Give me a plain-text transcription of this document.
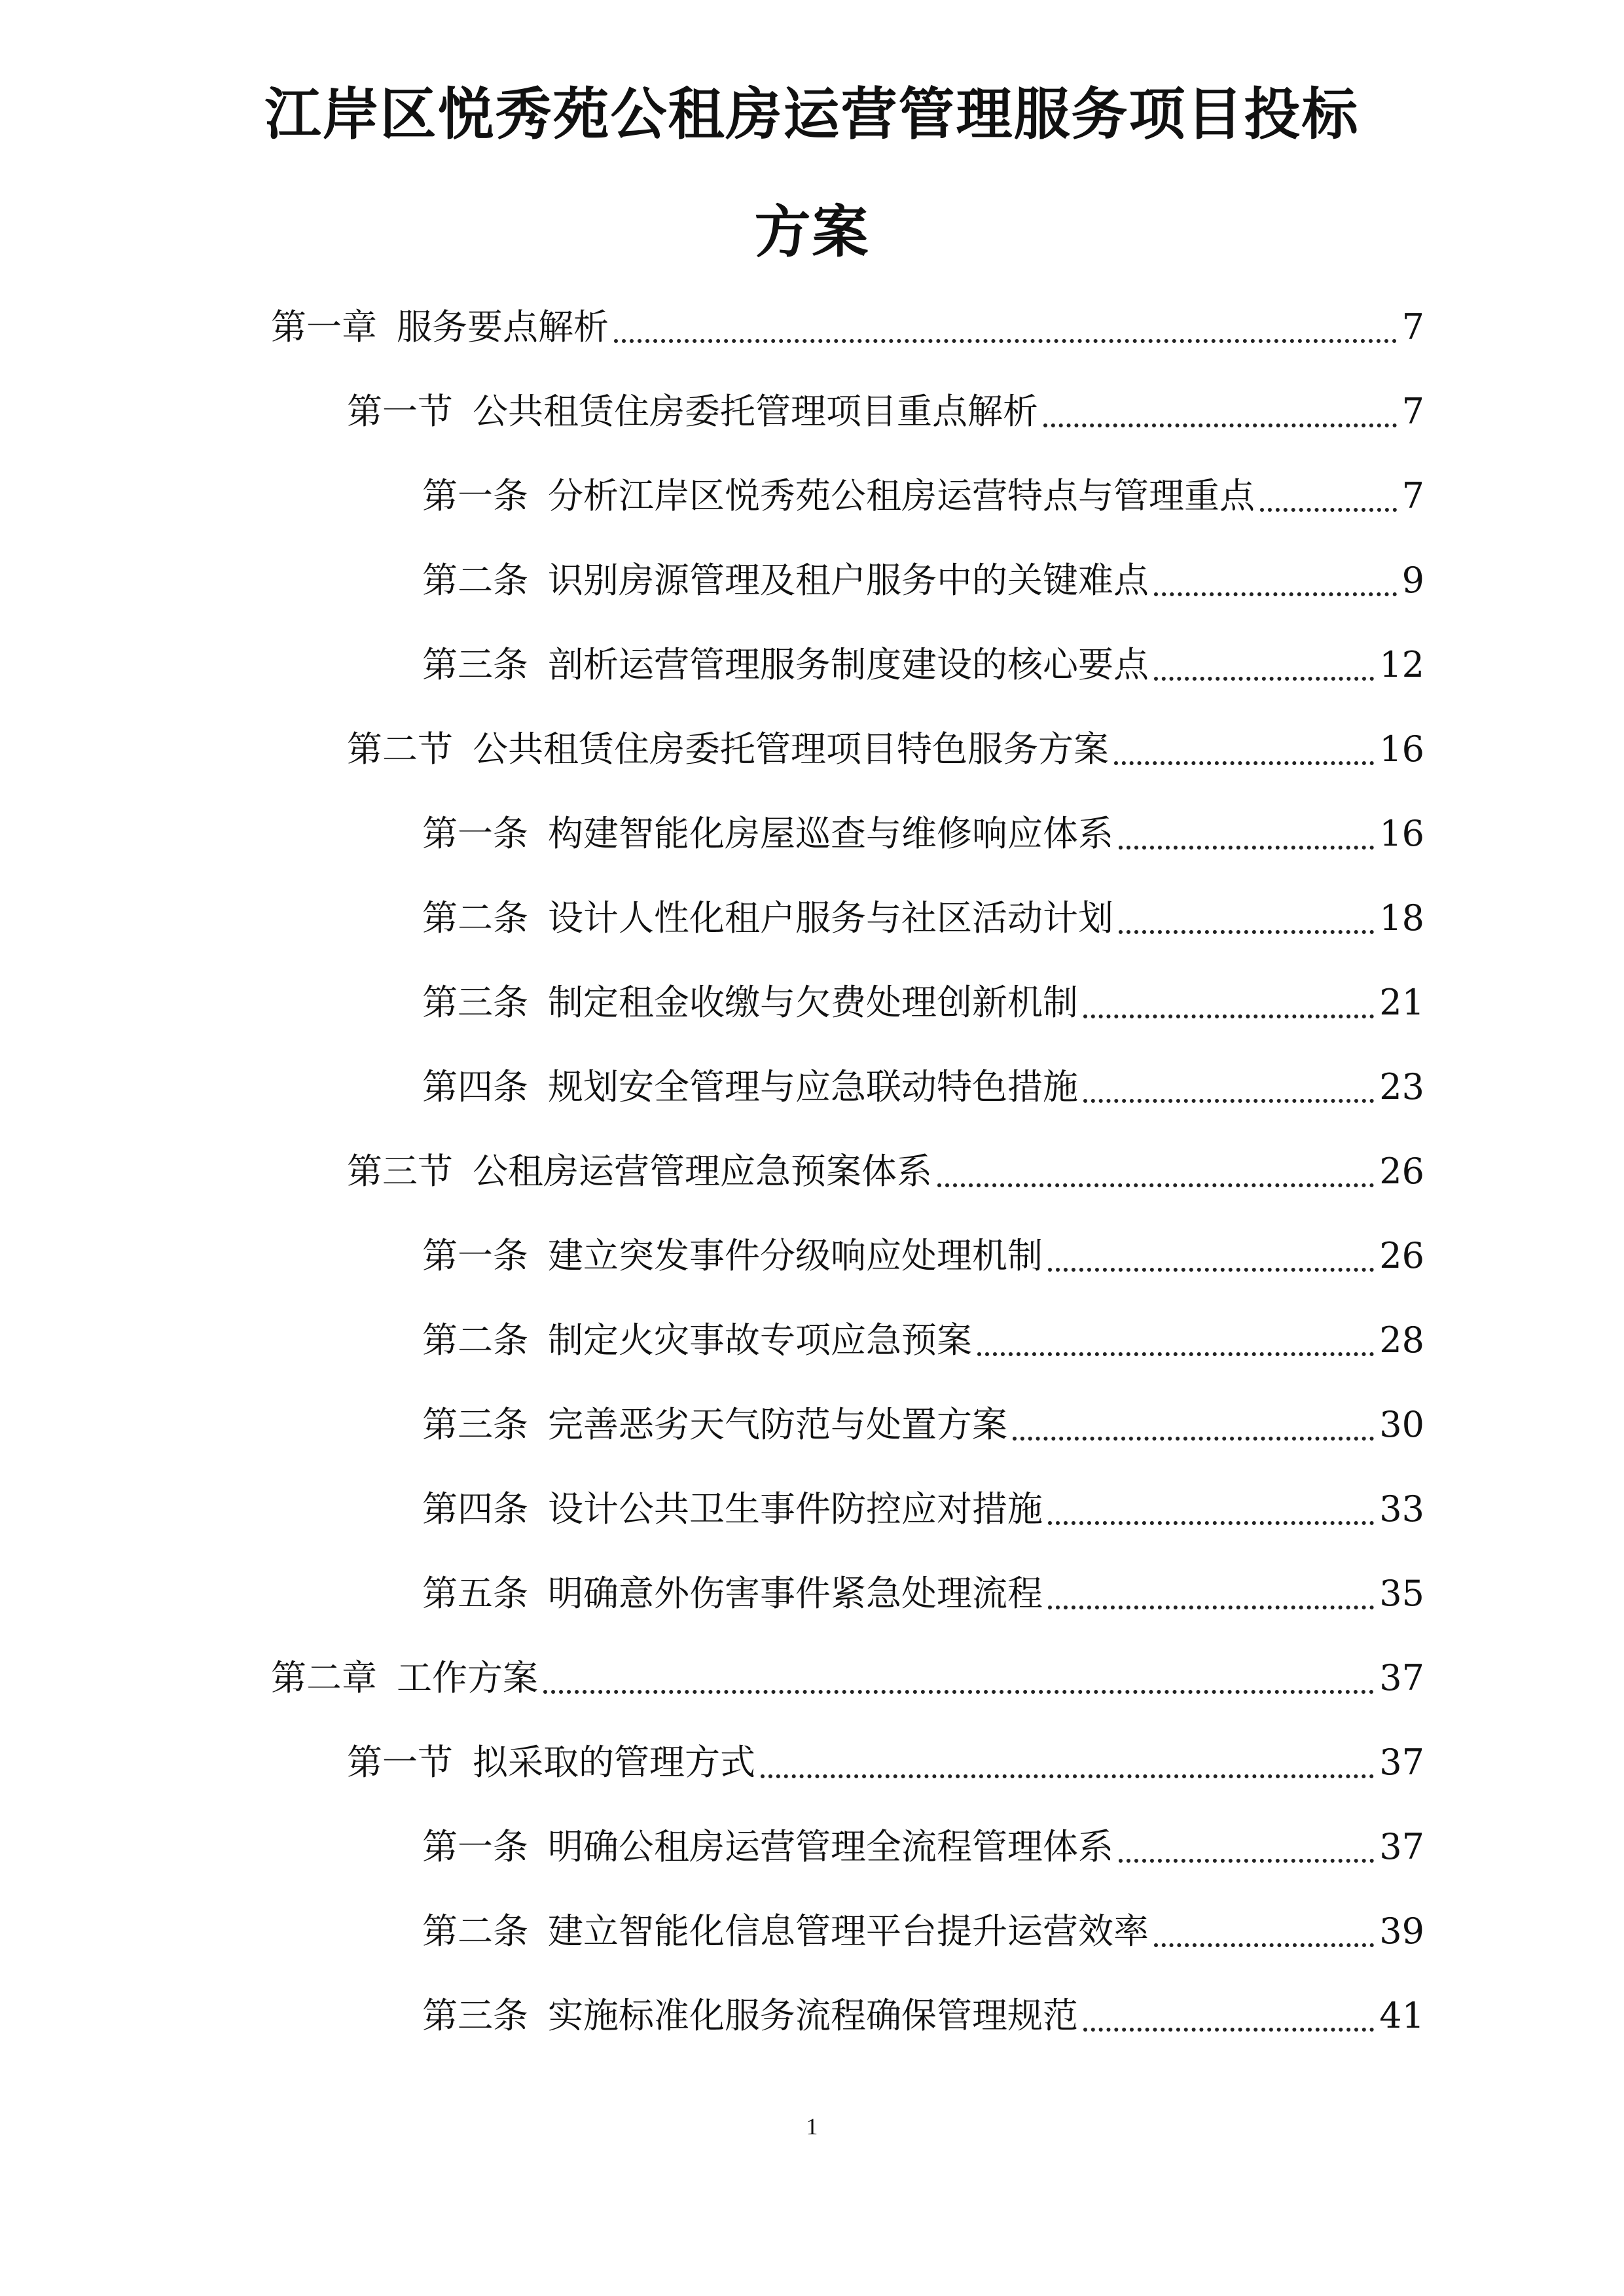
江岸区悦秀苑公租房运营管理服务项目投标
方案
第一章 服务要点解析	7
第一节 公共租赁住房委托管理项目重点解析	7
第一条 分析江岸区悦秀苑公租房运营特点与管理重点	7
第二条 识别房源管理及租户服务中的关键难点	9
第三条 剖析运营管理服务制度建设的核心要点	12
第二节 公共租赁住房委托管理项目特色服务方案	16
第一条 构建智能化房屋巡查与维修响应体系	16
第二条 设计人性化租户服务与社区活动计划	18
第三条 制定租金收缴与欠费处理创新机制	21
第四条 规划安全管理与应急联动特色措施	23
第三节 公租房运营管理应急预案体系	26
第一条 建立突发事件分级响应处理机制	26
第二条 制定火灾事故专项应急预案	28
第三条 完善恶劣天气防范与处置方案	30
第四条 设计公共卫生事件防控应对措施	33
第五条 明确意外伤害事件紧急处理流程	35
第二章 工作方案	37
第一节 拟采取的管理方式	37
第一条 明确公租房运营管理全流程管理体系	37
第二条 建立智能化信息管理平台提升运营效率	39
第三条 实施标准化服务流程确保管理规范	41
1
